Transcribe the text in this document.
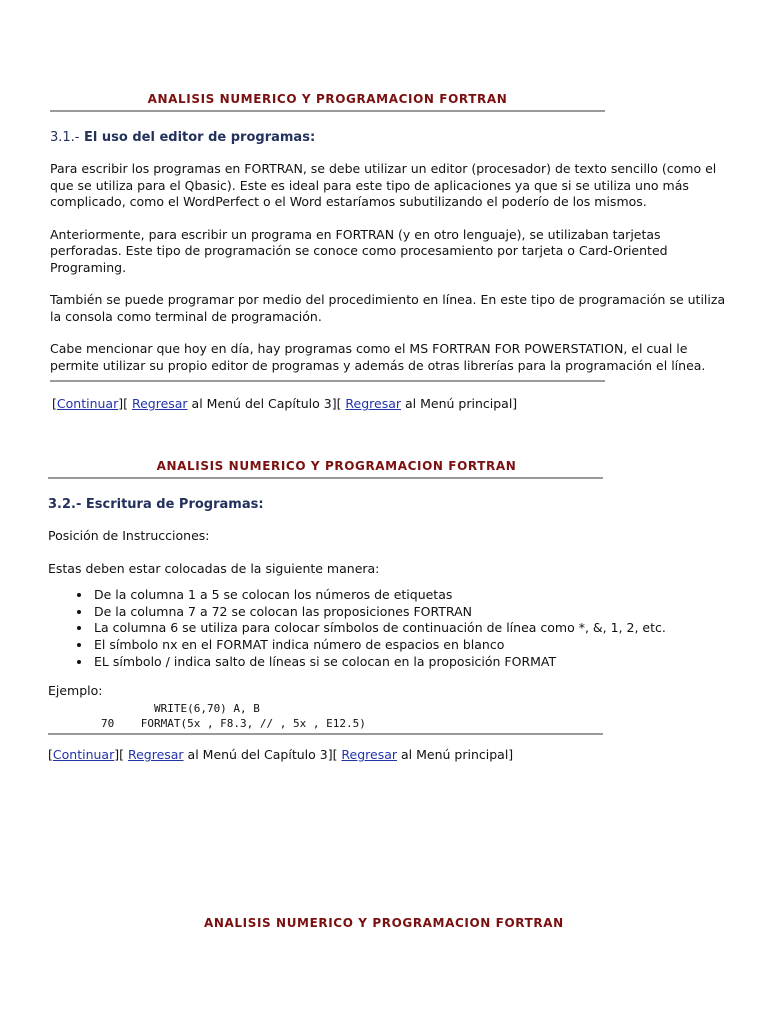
ANALISIS NUMERICO Y PROGRAMACION FORTRAN
3.1.- El uso del editor de programas:

Para escribir los programas en FORTRAN, se debe utilizar un editor (procesador) de texto sencillo (como el que se utiliza para el Qbasic). Este es ideal para este tipo de aplicaciones ya que si se utiliza uno más complicado, como el WordPerfect o el Word estaríamos subutilizando el poderío de los mismos.

Anteriormente, para escribir un programa en FORTRAN (y en otro lenguaje), se utilizaban tarjetas perforadas. Este tipo de programación se conoce como procesamiento por tarjeta o Card-Oriented Programing.

También se puede programar por medio del procedimiento en línea. En este tipo de programación se utiliza la consola como terminal de programación.

Cabe mencionar que hoy en día, hay programas como el MS FORTRAN FOR POWERSTATION, el cual le permite utilizar su propio editor de programas y además de otras librerías para la programación el línea.

[Continuar][ Regresar al Menú del Capítulo 3][ Regresar al Menú principal]
ANALISIS NUMERICO Y PROGRAMACION FORTRAN
3.2.- Escritura de Programas:

Posición de Instrucciones:

Estas deben estar colocadas de la siguiente manera:

• De la columna 1 a 5 se colocan los números de etiquetas
• De la columna 7 a 72 se colocan las proposiciones FORTRAN
• La columna 6 se utiliza para colocar símbolos de continuación de línea como *, &, 1, 2, etc.
• El símbolo nx en el FORMAT indica número de espacios en blanco
• EL símbolo / indica salto de líneas si se colocan en la proposición FORMAT

Ejemplo:

WRITE(6,70) A, B
70    FORMAT(5x , F8.3, // , 5x , E12.5)
[Continuar][ Regresar al Menú del Capítulo 3][ Regresar al Menú principal]
ANALISIS NUMERICO Y PROGRAMACION FORTRAN
